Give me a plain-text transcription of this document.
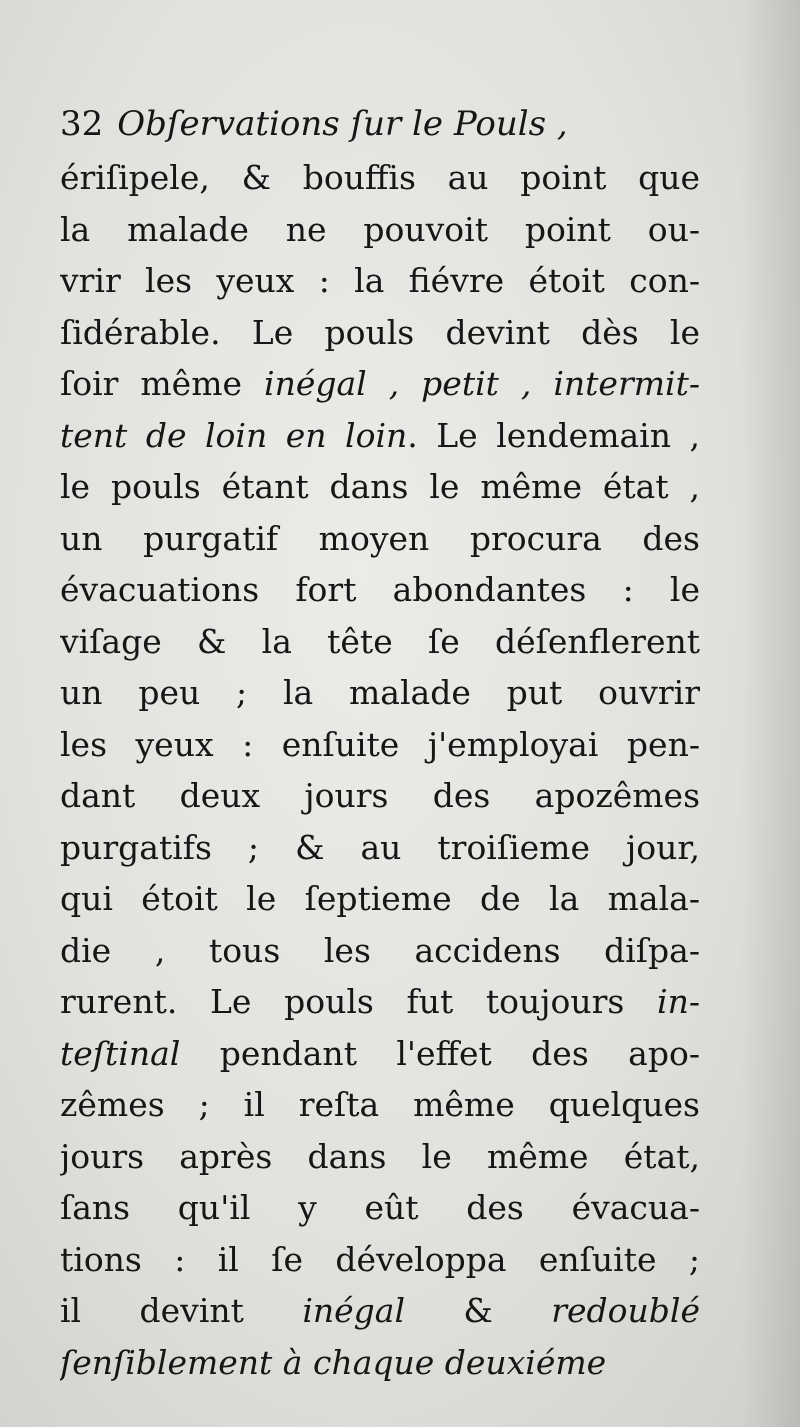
32 Obſervations ſur le Pouls ,
ériſipele, & bouffis au point que
la malade ne pouvoit point ou-
vrir les yeux : la fiévre étoit con-
ſidérable. Le pouls devint dès le
ſoir même inégal , petit , intermit-
tent de loin en loin. Le lendemain ,
le pouls étant dans le même état ,
un purgatif moyen procura des
évacuations fort abondantes : le
viſage & la tête ſe déſenflerent
un peu ; la malade put ouvrir
les yeux : enſuite j'employai pen-
dant deux jours des apozêmes
purgatifs ; & au troiſieme jour,
qui étoit le ſeptieme de la mala-
die , tous les accidens diſpa-
rurent. Le pouls fut toujours in-
teſtinal pendant l'effet des apo-
zêmes ; il reſta même quelques
jours après dans le même état,
ſans qu'il y eût des évacua-
tions : il ſe développa enſuite ;
il devint inégal & redoublé
ſenſiblement à chaque deuxiéme
